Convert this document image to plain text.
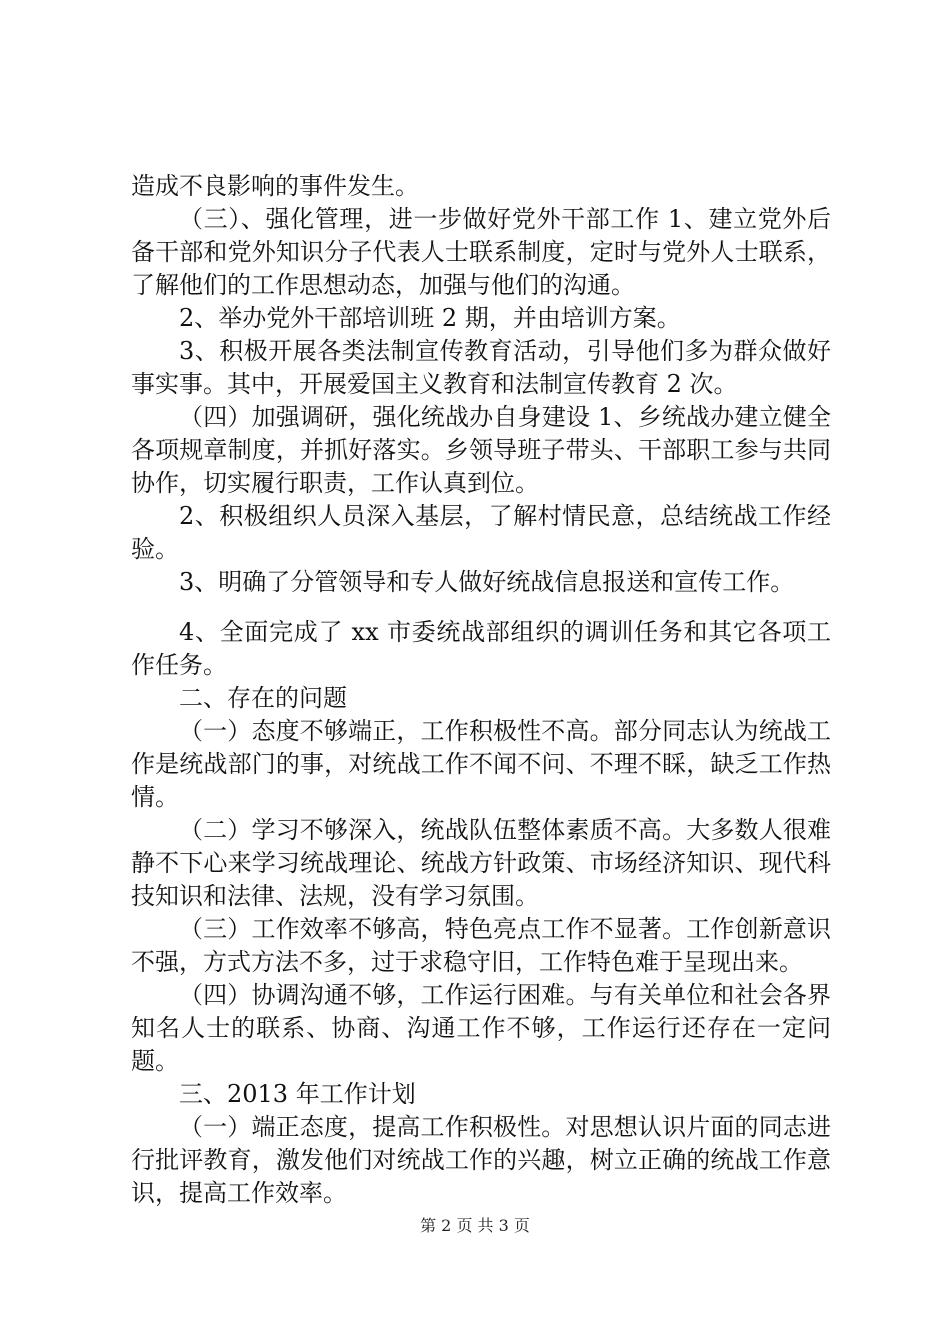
造成不良影响的事件发生。

（三）、强化管理，进一步做好党外干部工作 1、建立党外后备干部和党外知识分子代表人士联系制度，定时与党外人士联系，了解他们的工作思想动态，加强与他们的沟通。

2、举办党外干部培训班 2 期，并由培训方案。

3、积极开展各类法制宣传教育活动，引导他们多为群众做好事实事。其中，开展爱国主义教育和法制宣传教育 2 次。

（四）加强调研，强化统战办自身建设 1、乡统战办建立健全各项规章制度，并抓好落实。乡领导班子带头、干部职工参与共同协作，切实履行职责，工作认真到位。

2、积极组织人员深入基层，了解村情民意，总结统战工作经验。

3、明确了分管领导和专人做好统战信息报送和宣传工作。

4、全面完成了 xx 市委统战部组织的调训任务和其它各项工作任务。

二、存在的问题

（一）态度不够端正，工作积极性不高。部分同志认为统战工作是统战部门的事，对统战工作不闻不问、不理不睬，缺乏工作热情。

（二）学习不够深入，统战队伍整体素质不高。大多数人很难静不下心来学习统战理论、统战方针政策、市场经济知识、现代科技知识和法律、法规，没有学习氛围。

（三）工作效率不够高，特色亮点工作不显著。工作创新意识不强，方式方法不多，过于求稳守旧，工作特色难于呈现出来。

（四）协调沟通不够，工作运行困难。与有关单位和社会各界知名人士的联系、协商、沟通工作不够，工作运行还存在一定问题。

三、2013 年工作计划

（一）端正态度，提高工作积极性。对思想认识片面的同志进行批评教育，激发他们对统战工作的兴趣，树立正确的统战工作意识，提高工作效率。

第 2 页 共 3 页
